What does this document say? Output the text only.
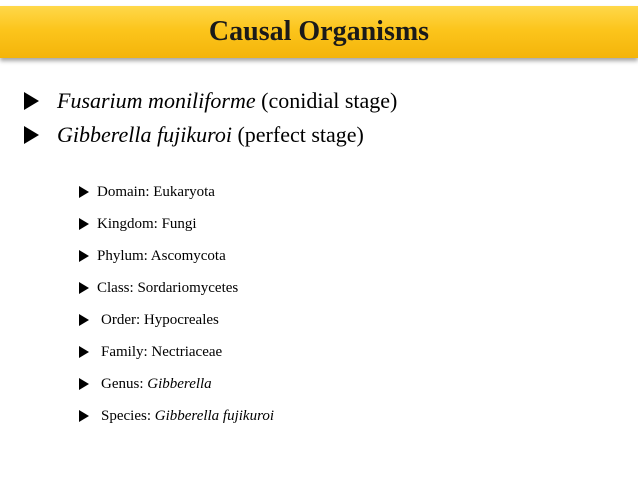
Causal Organisms
Fusarium moniliforme (conidial stage)
Gibberella fujikuroi (perfect stage)
Domain: Eukaryota
Kingdom: Fungi
Phylum: Ascomycota
Class: Sordariomycetes
Order: Hypocreales
Family: Nectriaceae
Genus: Gibberella
Species: Gibberella fujikuroi
